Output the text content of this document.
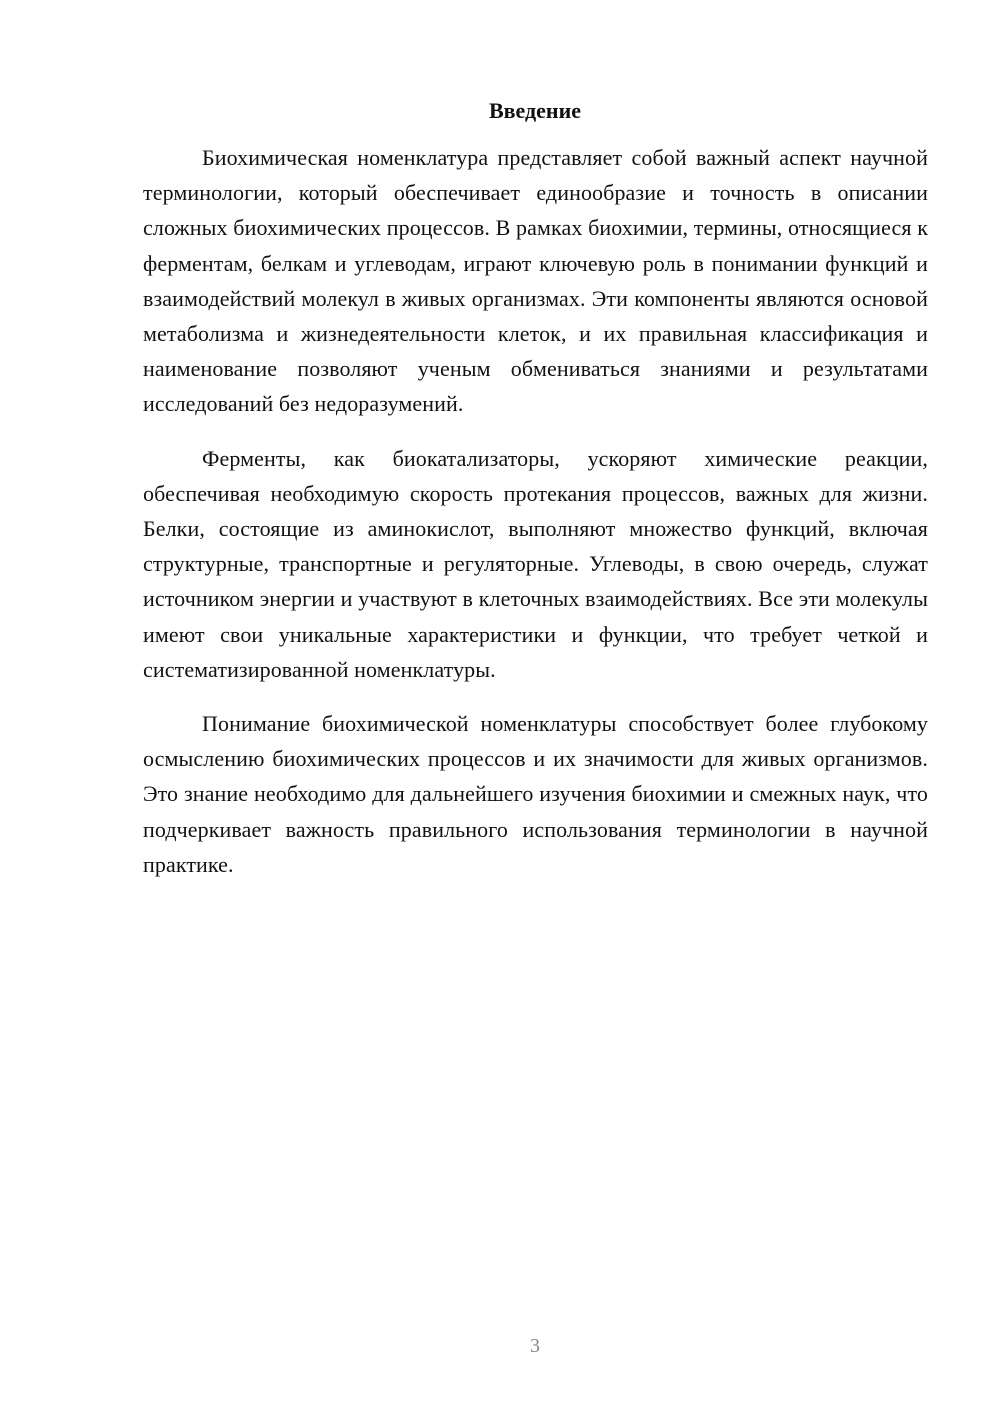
Введение

Биохимическая номенклатура представляет собой важный аспект научной терминологии, который обеспечивает единообразие и точность в описании сложных биохимических процессов. В рамках биохимии, термины, относящиеся к ферментам, белкам и углеводам, играют ключевую роль в понимании функций и взаимодействий молекул в живых организмах. Эти компоненты являются основой метаболизма и жизнедеятельности клеток, и их правильная классификация и наименование позволяют ученым обмениваться знаниями и результатами исследований без недоразумений.

Ферменты, как биокатализаторы, ускоряют химические реакции, обеспечивая необходимую скорость протекания процессов, важных для жизни. Белки, состоящие из аминокислот, выполняют множество функций, включая структурные, транспортные и регуляторные. Углеводы, в свою очередь, служат источником энергии и участвуют в клеточных взаимодействиях. Все эти молекулы имеют свои уникальные характеристики и функции, что требует четкой и систематизированной номенклатуры.

Понимание биохимической номенклатуры способствует более глубокому осмыслению биохимических процессов и их значимости для живых организмов. Это знание необходимо для дальнейшего изучения биохимии и смежных наук, что подчеркивает важность правильного использования терминологии в научной практике.

3
